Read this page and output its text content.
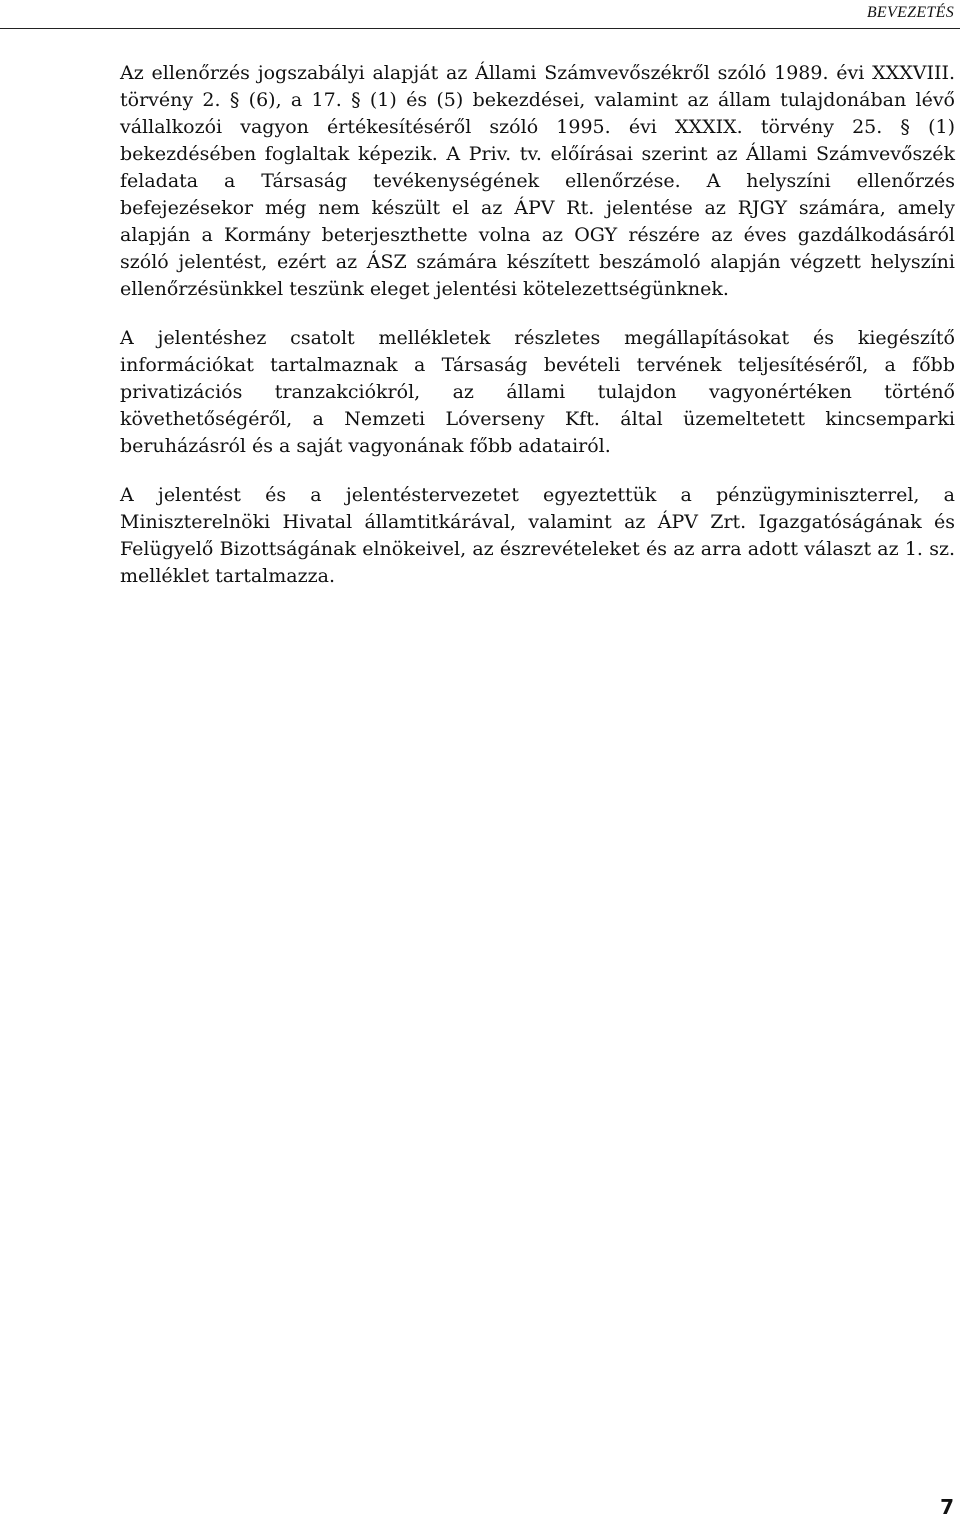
BEVEZETÉS

Az ellenőrzés jogszabályi alapját az Állami Számvevőszékről szóló 1989. évi XXXVIII. törvény 2. § (6), a 17. § (1) és (5) bekezdései, valamint az állam tulajdonában lévő vállalkozói vagyon értékesítéséről szóló 1995. évi XXXIX. törvény 25. § (1) bekezdésében foglaltak képezik. A Priv. tv. előírásai szerint az Állami Számvevőszék feladata a Társaság tevékenységének ellenőrzése. A helyszíni ellenőrzés befejezésekor még nem készült el az ÁPV Rt. jelentése az RJGY számára, amely alapján a Kormány beterjeszthette volna az OGY részére az éves gazdálkodásáról szóló jelentést, ezért az ÁSZ számára készített beszámoló alapján végzett helyszíni ellenőrzésünkkel teszünk eleget jelentési kötelezettségünknek.

A jelentéshez csatolt mellékletek részletes megállapításokat és kiegészítő információkat tartalmaznak a Társaság bevételi tervének teljesítéséről, a főbb privatizációs tranzakciókról, az állami tulajdon vagyonértéken történő követhetőségéről, a Nemzeti Lóverseny Kft. által üzemeltetett kincsemparki beruházásról és a saját vagyonának főbb adatairól.

A jelentést és a jelentéstervezetet egyeztettük a pénzügyminiszterrel, a Miniszterelnöki Hivatal államtitkárával, valamint az ÁPV Zrt. Igazgatóságának és Felügyelő Bizottságának elnökeivel, az észrevételeket és az arra adott választ az 1. sz. melléklet tartalmazza.

7
